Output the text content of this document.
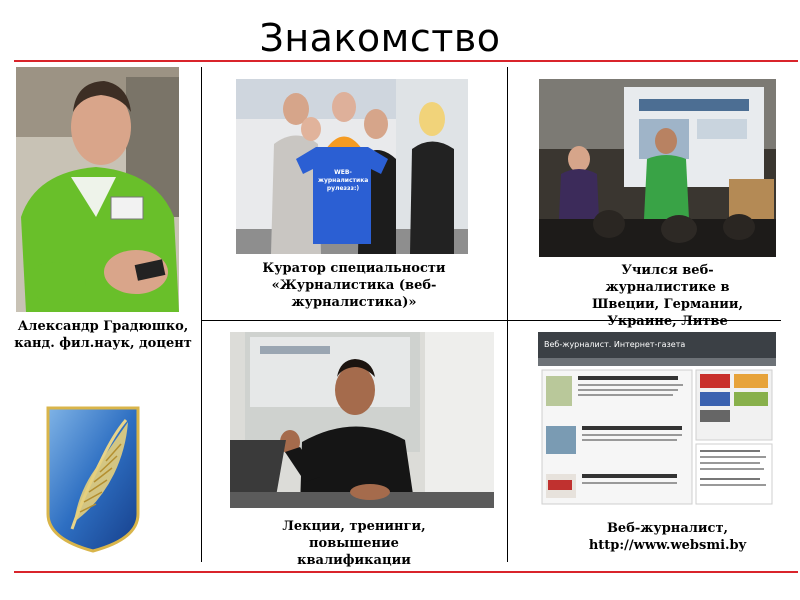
Знакомство
Александр Градюшко,
канд. фил.наук, доцент
WEB-журналистика
рулеззз:)
Куратор специальности
«Журналистика (веб-
журналистика)»
Учился веб-
журналистике в
Швеции, Германии,
Украине, Литве
Лекции, тренинги,
повышение
квалификации
Веб-журналист. Интернет-газета
Веб-журналист,
http://www.websmi.by
